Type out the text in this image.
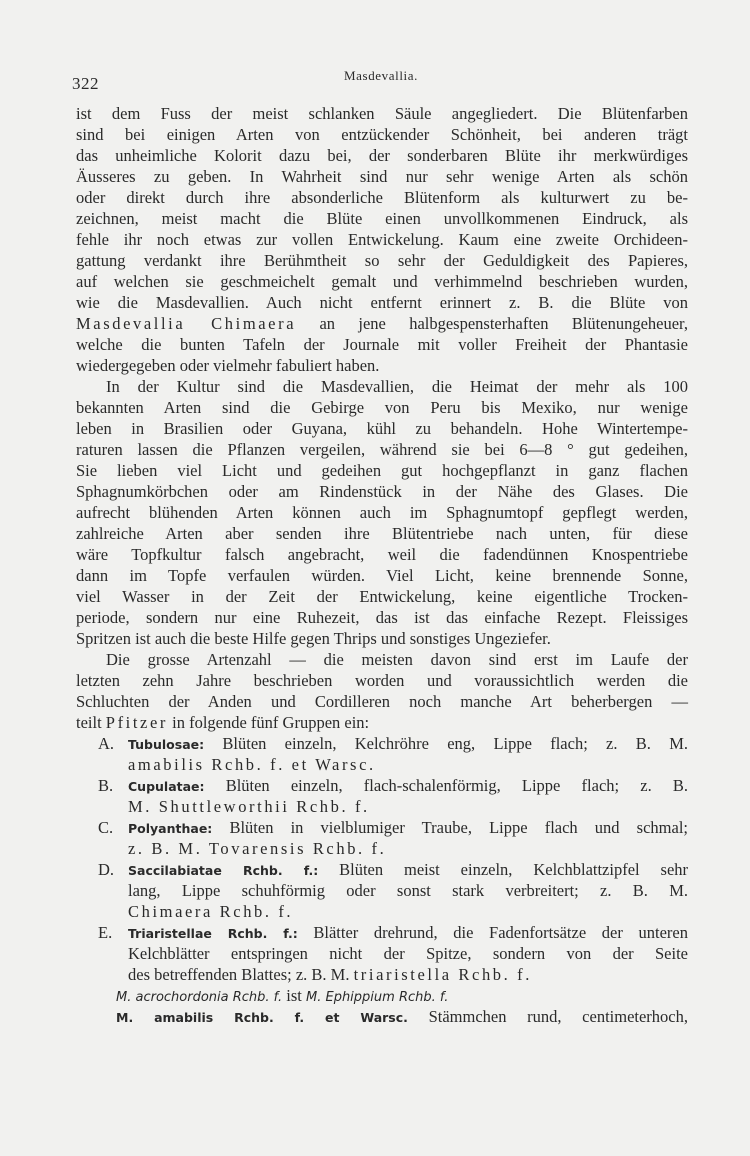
322	Masdevallia.
ist dem Fuss der meist schlanken Säule angegliedert. Die Blütenfarben
sind bei einigen Arten von entzückender Schönheit, bei anderen trägt
das unheimliche Kolorit dazu bei, der sonderbaren Blüte ihr merkwürdiges
Äusseres zu geben. In Wahrheit sind nur sehr wenige Arten als schön
oder direkt durch ihre absonderliche Blütenform als kulturwert zu be-
zeichnen, meist macht die Blüte einen unvollkommenen Eindruck, als
fehle ihr noch etwas zur vollen Entwickelung. Kaum eine zweite Orchideen-
gattung verdankt ihre Berühmtheit so sehr der Geduldigkeit des Papieres,
auf welchen sie geschmeichelt gemalt und verhimmelnd beschrieben wurden,
wie die Masdevallien. Auch nicht entfernt erinnert z. B. die Blüte von
Masdevallia Chimaera an jene halbgespensterhaften Blütenungeheuer,
welche die bunten Tafeln der Journale mit voller Freiheit der Phantasie
wiedergegeben oder vielmehr fabuliert haben.
In der Kultur sind die Masdevallien, die Heimat der mehr als 100
bekannten Arten sind die Gebirge von Peru bis Mexiko, nur wenige
leben in Brasilien oder Guyana, kühl zu behandeln. Hohe Wintertempe-
raturen lassen die Pflanzen vergeilen, während sie bei 6—8 ° gut gedeihen,
Sie lieben viel Licht und gedeihen gut hochgepflanzt in ganz flachen
Sphagnumkörbchen oder am Rindenstück in der Nähe des Glases. Die
aufrecht blühenden Arten können auch im Sphagnumtopf gepflegt werden,
zahlreiche Arten aber senden ihre Blütentriebe nach unten, für diese
wäre Topfkultur falsch angebracht, weil die fadendünnen Knospentriebe
dann im Topfe verfaulen würden. Viel Licht, keine brennende Sonne,
viel Wasser in der Zeit der Entwickelung, keine eigentliche Trocken-
periode, sondern nur eine Ruhezeit, das ist das einfache Rezept. Fleissiges
Spritzen ist auch die beste Hilfe gegen Thrips und sonstiges Ungeziefer.
Die grosse Artenzahl — die meisten davon sind erst im Laufe der
letzten zehn Jahre beschrieben worden und voraussichtlich werden die
Schluchten der Anden und Cordilleren noch manche Art beherbergen —
teilt Pfitzer in folgende fünf Gruppen ein:
A.	Tubulosae: Blüten einzeln, Kelchröhre eng, Lippe flach; z. B. M.
amabilis Rchb. f. et Warsc.
B.	Cupulatae: Blüten einzeln, flach-schalenförmig, Lippe flach; z. B.
M. Shuttleworthii Rchb. f.
C.	Polyanthae: Blüten in vielblumiger Traube, Lippe flach und schmal;
z. B. M. Tovarensis Rchb. f.
D.	Saccilabiatae Rchb. f.: Blüten meist einzeln, Kelchblattzipfel sehr
lang, Lippe schuhförmig oder sonst stark verbreitert; z. B. M.
Chimaera Rchb. f.
E.	Triaristellae Rchb. f.: Blätter drehrund, die Fadenfortsätze der unteren
Kelchblätter entspringen nicht der Spitze, sondern von der Seite
des betreffenden Blattes; z. B. M. triaristella Rchb. f.
M. acrochordonia Rchb. f. ist M. Ephippium Rchb. f.
M. amabilis Rchb. f. et Warsc. Stämmchen rund, centimeterhoch,
